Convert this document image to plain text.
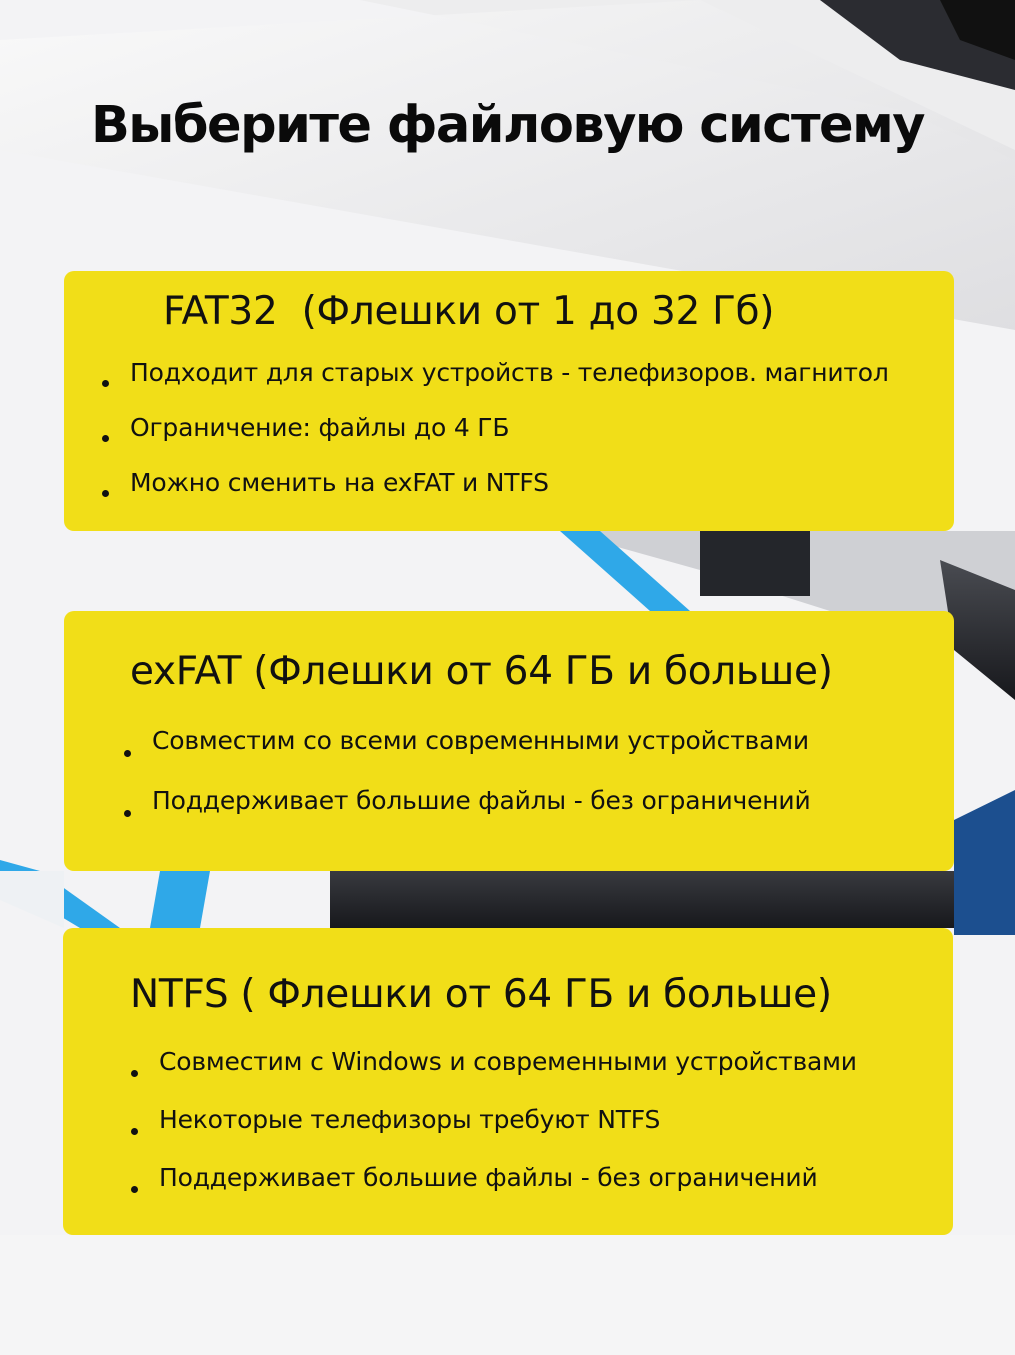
Выберите файловую систему
FAT32  (Флешки от 1 до 32 Гб)
Подходит для старых устройств - телефизоров. магнитол
Ограничение: файлы до 4 ГБ
Можно сменить на exFAT и NTFS
exFAT (Флешки от 64 ГБ и больше)
Совместим со всеми современными устройствами
Поддерживает большие файлы - без ограничений
NTFS ( Флешки от 64 ГБ и больше)
Совместим с Windows и современными устройствами
Некоторые телефизоры требуют NTFS
Поддерживает большие файлы - без ограничений
